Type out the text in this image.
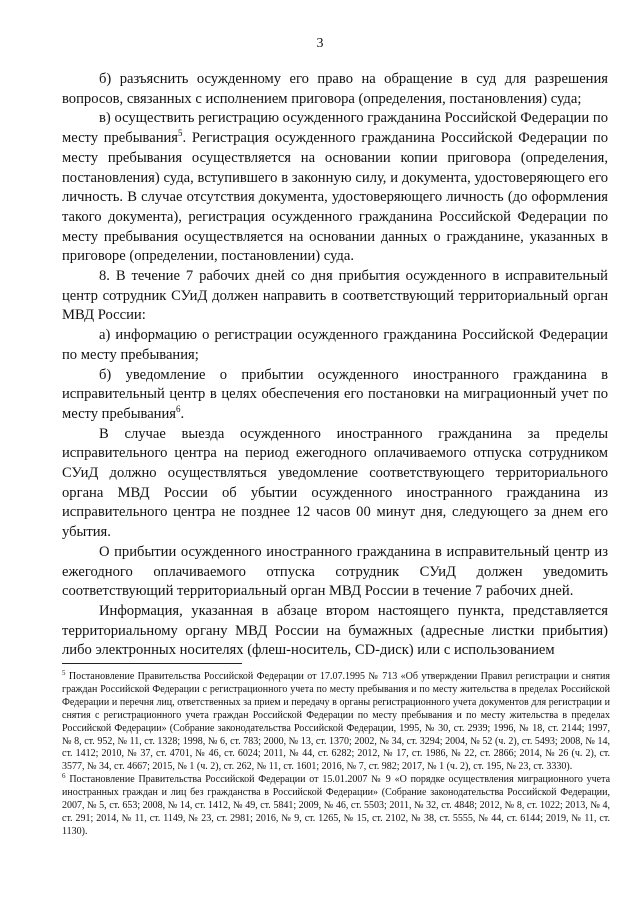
3

б) разъяснить осужденному его право на обращение в суд для разрешения вопросов, связанных с исполнением приговора (определения, постановления) суда;

в) осуществить регистрацию осужденного гражданина Российской Федерации по месту пребывания$^5$. Регистрация осужденного гражданина Российской Федерации по месту пребывания осуществляется на основании копии приговора (определения, постановления) суда, вступившего в законную силу, и документа, удостоверяющего его личность. В случае отсутствия документа, удостоверяющего личность (до оформления такого документа), регистрация осужденного гражданина Российской Федерации по месту пребывания осуществляется на основании данных о гражданине, указанных в приговоре (определении, постановлении) суда.

8. В течение 7 рабочих дней со дня прибытия осужденного в исправительный центр сотрудник СУиД должен направить в соответствующий территориальный орган МВД России:

а) информацию о регистрации осужденного гражданина Российской Федерации по месту пребывания;

б) уведомление о прибытии осужденного иностранного гражданина в исправительный центр в целях обеспечения его постановки на миграционный учет по месту пребывания$^6$.

В случае выезда осужденного иностранного гражданина за пределы исправительного центра на период ежегодного оплачиваемого отпуска сотрудником СУиД должно осуществляться уведомление соответствующего территориального органа МВД России об убытии осужденного иностранного гражданина из исправительного центра не позднее 12 часов 00 минут дня, следующего за днем его убытия.

О прибытии осужденного иностранного гражданина в исправительный центр из ежегодного оплачиваемого отпуска сотрудник СУиД должен уведомить соответствующий территориальный орган МВД России в течение 7 рабочих дней.

Информация, указанная в абзаце втором настоящего пункта, представляется территориальному органу МВД России на бумажных (адресные листки прибытия) либо электронных носителях (флеш-носитель, CD-диск) или с использованием

$^5$ Постановление Правительства Российской Федерации от 17.07.1995 № 713 «Об утверждении Правил регистрации и снятия граждан Российской Федерации с регистрационного учета по месту пребывания и по месту жительства в пределах Российской Федерации и перечня лиц, ответственных за прием и передачу в органы регистрационного учета документов для регистрации и снятия с регистрационного учета граждан Российской Федерации по месту пребывания и по месту жительства в пределах Российской Федерации» (Собрание законодательства Российской Федерации, 1995, № 30, ст. 2939; 1996, № 18, ст. 2144; 1997, № 8, ст. 952, № 11, ст. 1328; 1998, № 6, ст. 783; 2000, № 13, ст. 1370; 2002, № 34, ст. 3294; 2004, № 52 (ч. 2), ст. 5493; 2008, № 14, ст. 1412; 2010, № 37, ст. 4701, № 46, ст. 6024; 2011, № 44, ст. 6282; 2012, № 17, ст. 1986, № 22, ст. 2866; 2014, № 26 (ч. 2), ст. 3577, № 34, ст. 4667; 2015, № 1 (ч. 2), ст. 262, № 11, ст. 1601; 2016, № 7, ст. 982; 2017, № 1 (ч. 2), ст. 195, № 23, ст. 3330).

$^6$ Постановление Правительства Российской Федерации от 15.01.2007 № 9 «О порядке осуществления миграционного учета иностранных граждан и лиц без гражданства в Российской Федерации» (Собрание законодательства Российской Федерации, 2007, № 5, ст. 653; 2008, № 14, ст. 1412, № 49, ст. 5841; 2009, № 46, ст. 5503; 2011, № 32, ст. 4848; 2012, № 8, ст. 1022; 2013, № 4, ст. 291; 2014, № 11, ст. 1149, № 23, ст. 2981; 2016, № 9, ст. 1265, № 15, ст. 2102, № 38, ст. 5555, № 44, ст. 6144; 2019, № 11, ст. 1130).
